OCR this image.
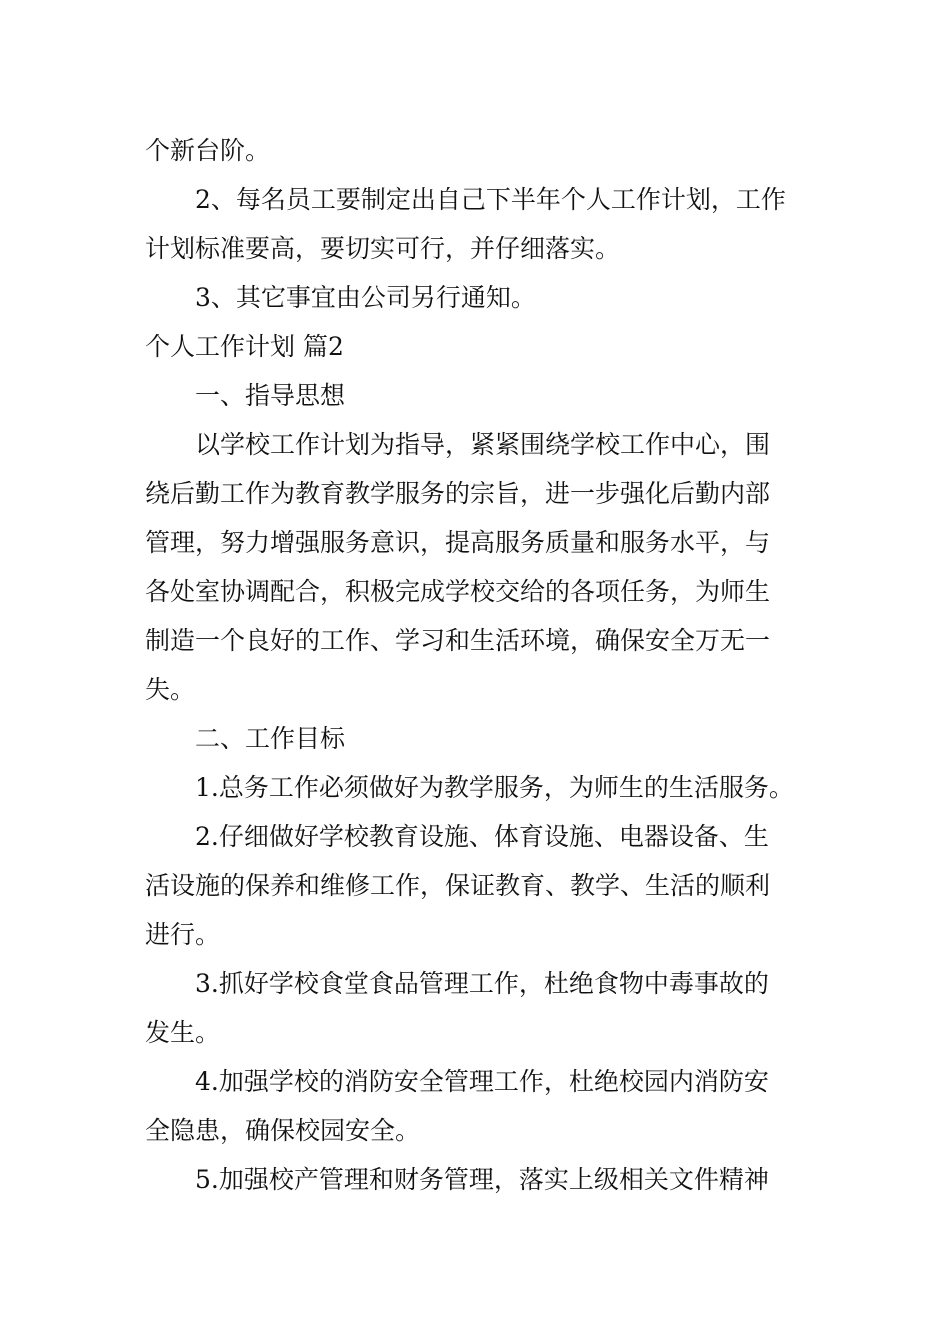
个新台阶。
2、每名员工要制定出自己下半年个人工作计划，工作
计划标准要高，要切实可行，并仔细落实。
3、其它事宜由公司另行通知。
个人工作计划 篇2
一、指导思想
以学校工作计划为指导，紧紧围绕学校工作中心，围
绕后勤工作为教育教学服务的宗旨，进一步强化后勤内部
管理，努力增强服务意识，提高服务质量和服务水平，与
各处室协调配合，积极完成学校交给的各项任务，为师生
制造一个良好的工作、学习和生活环境，确保安全万无一
失。
二、工作目标
1.总务工作必须做好为教学服务，为师生的生活服务。
2.仔细做好学校教育设施、体育设施、电器设备、生
活设施的保养和维修工作，保证教育、教学、生活的顺利
进行。
3.抓好学校食堂食品管理工作，杜绝食物中毒事故的
发生。
4.加强学校的消防安全管理工作，杜绝校园内消防安
全隐患，确保校园安全。
5.加强校产管理和财务管理，落实上级相关文件精神
